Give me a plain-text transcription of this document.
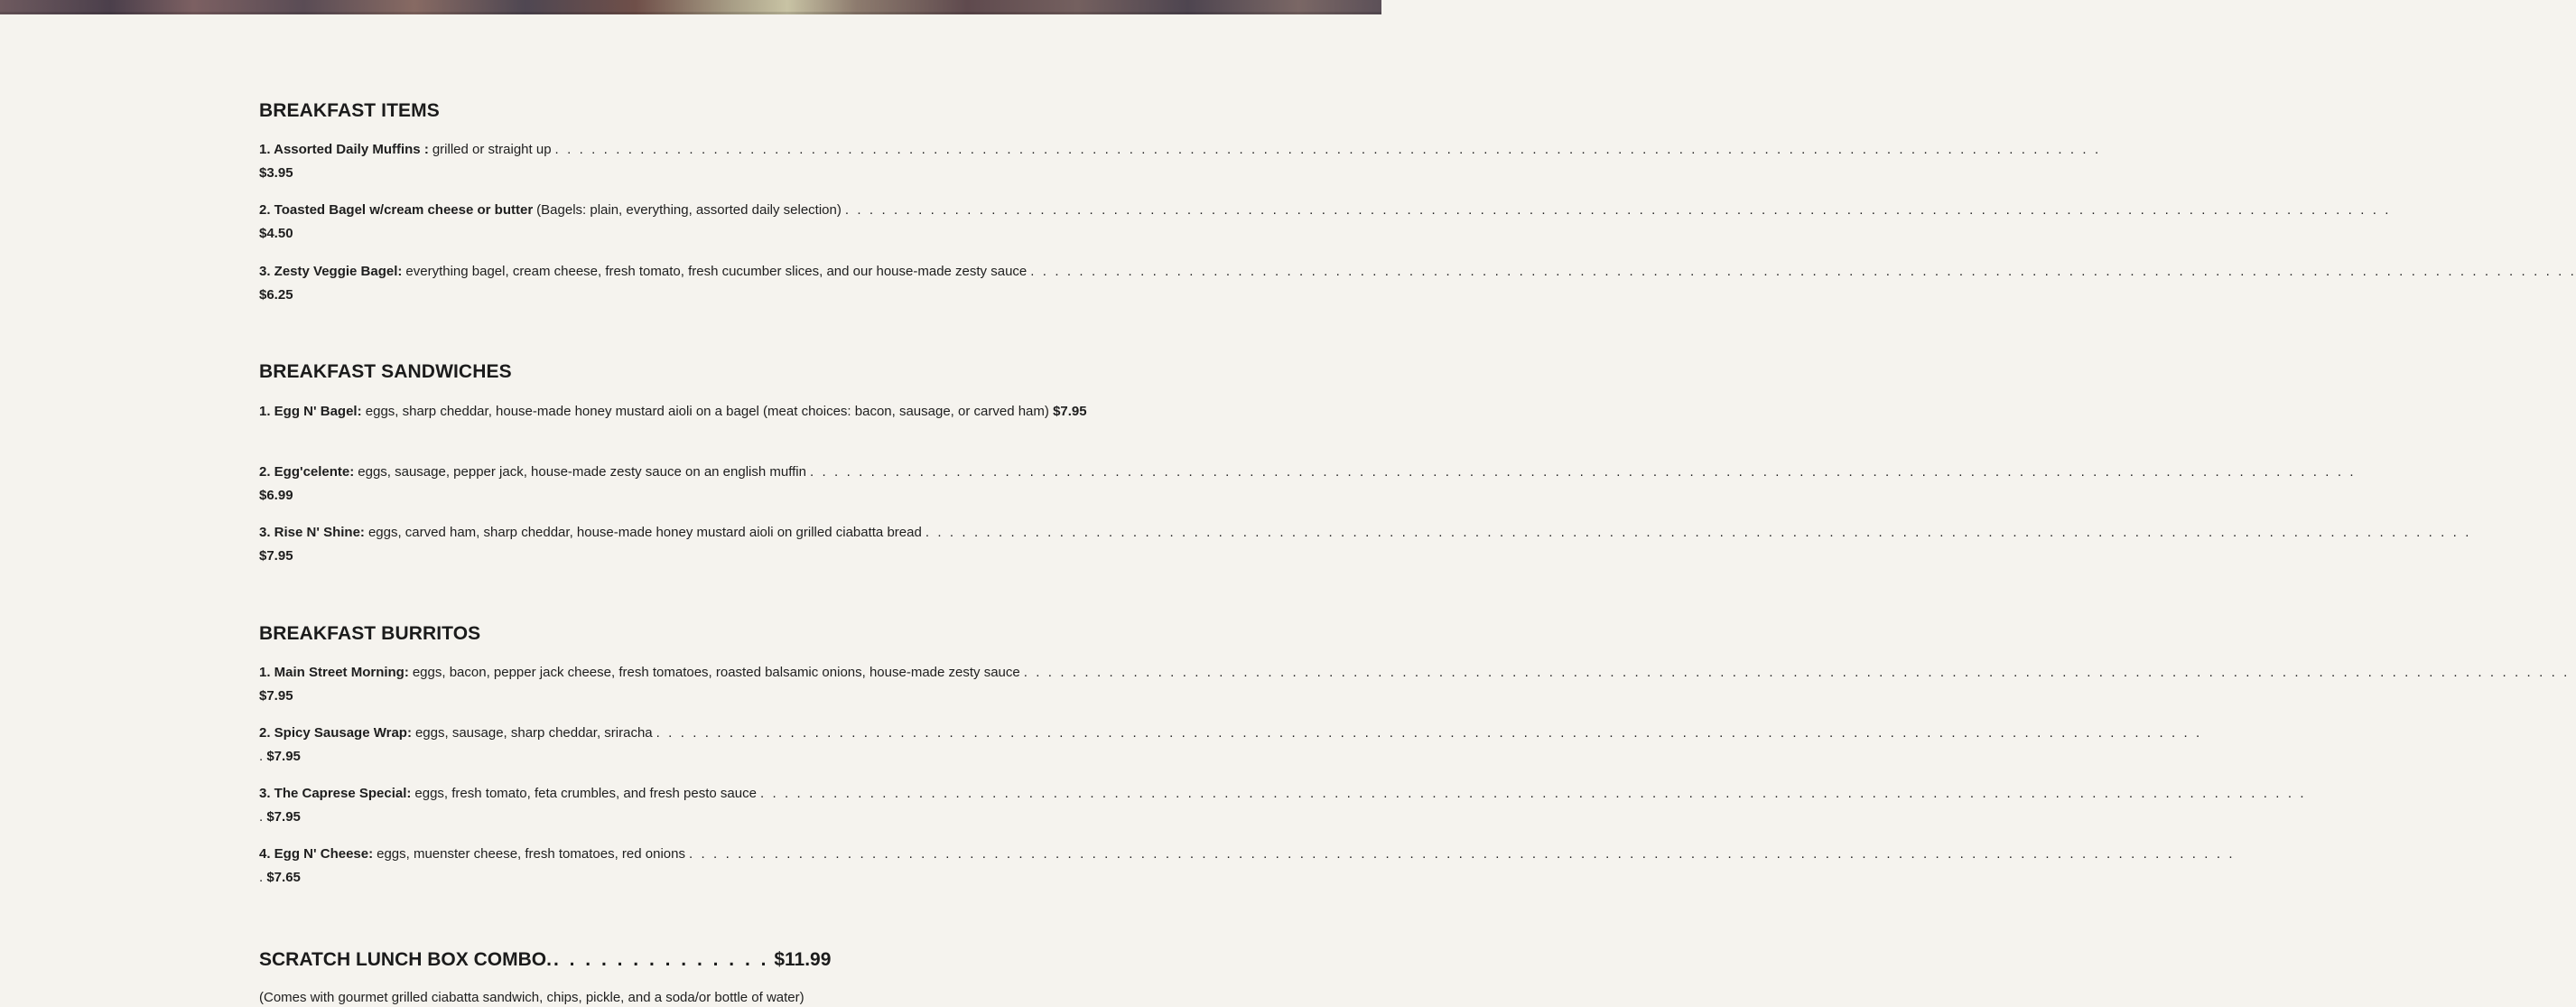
BREAKFAST ITEMS
1. Assorted Daily Muffins : grilled or straight up . . . . . . . . . . . . . . . . . . . . . . . . . . . . . . . . . . . . . . . . . . . . . . . . . . . . . . . . . . . . . . . . . . . . . . . . . . . . . . . . . . . . . . . . . . . . . . . . . . . . . . . . . . . . . . . . . . . . . . . . . . . . . . .
$3.95
2. Toasted Bagel w/cream cheese or butter (Bagels: plain, everything, assorted daily selection) . . . . . . . . . . . . . . . . . . . . . . . . . . . . . . . . . . . . . . . . . . . . . . . . . . . . . . . . . . . . . . . . . . . . . . . . . . . . . . . . . . . . . . . . . . . . . . . . . . . . . . . . . . . . . . . . . . . . . . . . . . . . . . .
$4.50
3. Zesty Veggie Bagel: everything bagel, cream cheese, fresh tomato, fresh cucumber slices, and our house-made zesty sauce . . . . . . . . . . . . . . . . . . . . . . . . . . . . . . . . . . . . . . . . . . . . . . . . . . . . . . . . . . . . . . . . . . . . . . . . . . . . . . . . . . . . . . . . . . . . . . . . . . . . . . . . . . . . . . . . . . . . . . . . . . . . . . .
$6.25
BREAKFAST SANDWICHES
1. Egg N' Bagel: eggs, sharp cheddar, house-made honey mustard aioli on a bagel (meat choices: bacon, sausage, or carved ham) $7.95
2. Egg'celente: eggs, sausage, pepper jack, house-made zesty sauce on an english muffin . . . . . . . . . . . . . . . . . . . . . . . . . . . . . . . . . . . . . . . . . . . . . . . . . . . . . . . . . . . . . . . . . . . . . . . . . . . . . . . . . . . . . . . . . . . . . . . . . . . . . . . . . . . . . . . . . . . . . . . . . . . . . . .
$6.99
3. Rise N' Shine: eggs, carved ham, sharp cheddar, house-made honey mustard aioli on grilled ciabatta bread . . . . . . . . . . . . . . . . . . . . . . . . . . . . . . . . . . . . . . . . . . . . . . . . . . . . . . . . . . . . . . . . . . . . . . . . . . . . . . . . . . . . . . . . . . . . . . . . . . . . . . . . . . . . . . . . . . . . . . . . . . . . . . .
$7.95
BREAKFAST BURRITOS
1. Main Street Morning: eggs, bacon, pepper jack cheese, fresh tomatoes, roasted balsamic onions, house-made zesty sauce . . . . . . . . . . . . . . . . . . . . . . . . . . . . . . . . . . . . . . . . . . . . . . . . . . . . . . . . . . . . . . . . . . . . . . . . . . . . . . . . . . . . . . . . . . . . . . . . . . . . . . . . . . . . . . . . . . . . . . . . . . . . . . .
$7.95
2. Spicy Sausage Wrap: eggs, sausage, sharp cheddar, sriracha . . . . . . . . . . . . . . . . . . . . . . . . . . . . . . . . . . . . . . . . . . . . . . . . . . . . . . . . . . . . . . . . . . . . . . . . . . . . . . . . . . . . . . . . . . . . . . . . . . . . . . . . . . . . . . . . . . . . . . . . . . . . . . .
. $7.95
3. The Caprese Special: eggs, fresh tomato, feta crumbles, and fresh pesto sauce . . . . . . . . . . . . . . . . . . . . . . . . . . . . . . . . . . . . . . . . . . . . . . . . . . . . . . . . . . . . . . . . . . . . . . . . . . . . . . . . . . . . . . . . . . . . . . . . . . . . . . . . . . . . . . . . . . . . . . . . . . . . . . .
. $7.95
4. Egg N' Cheese: eggs, muenster cheese, fresh tomatoes, red onions . . . . . . . . . . . . . . . . . . . . . . . . . . . . . . . . . . . . . . . . . . . . . . . . . . . . . . . . . . . . . . . . . . . . . . . . . . . . . . . . . . . . . . . . . . . . . . . . . . . . . . . . . . . . . . . . . . . . . . . . . . . . . . .
. $7.65
SCRATCH LUNCH BOX COMBO.. . . . . . . . . . . . . . $11.99
(Comes with gourmet grilled ciabatta sandwich, chips, pickle, and a soda/or bottle of water)
